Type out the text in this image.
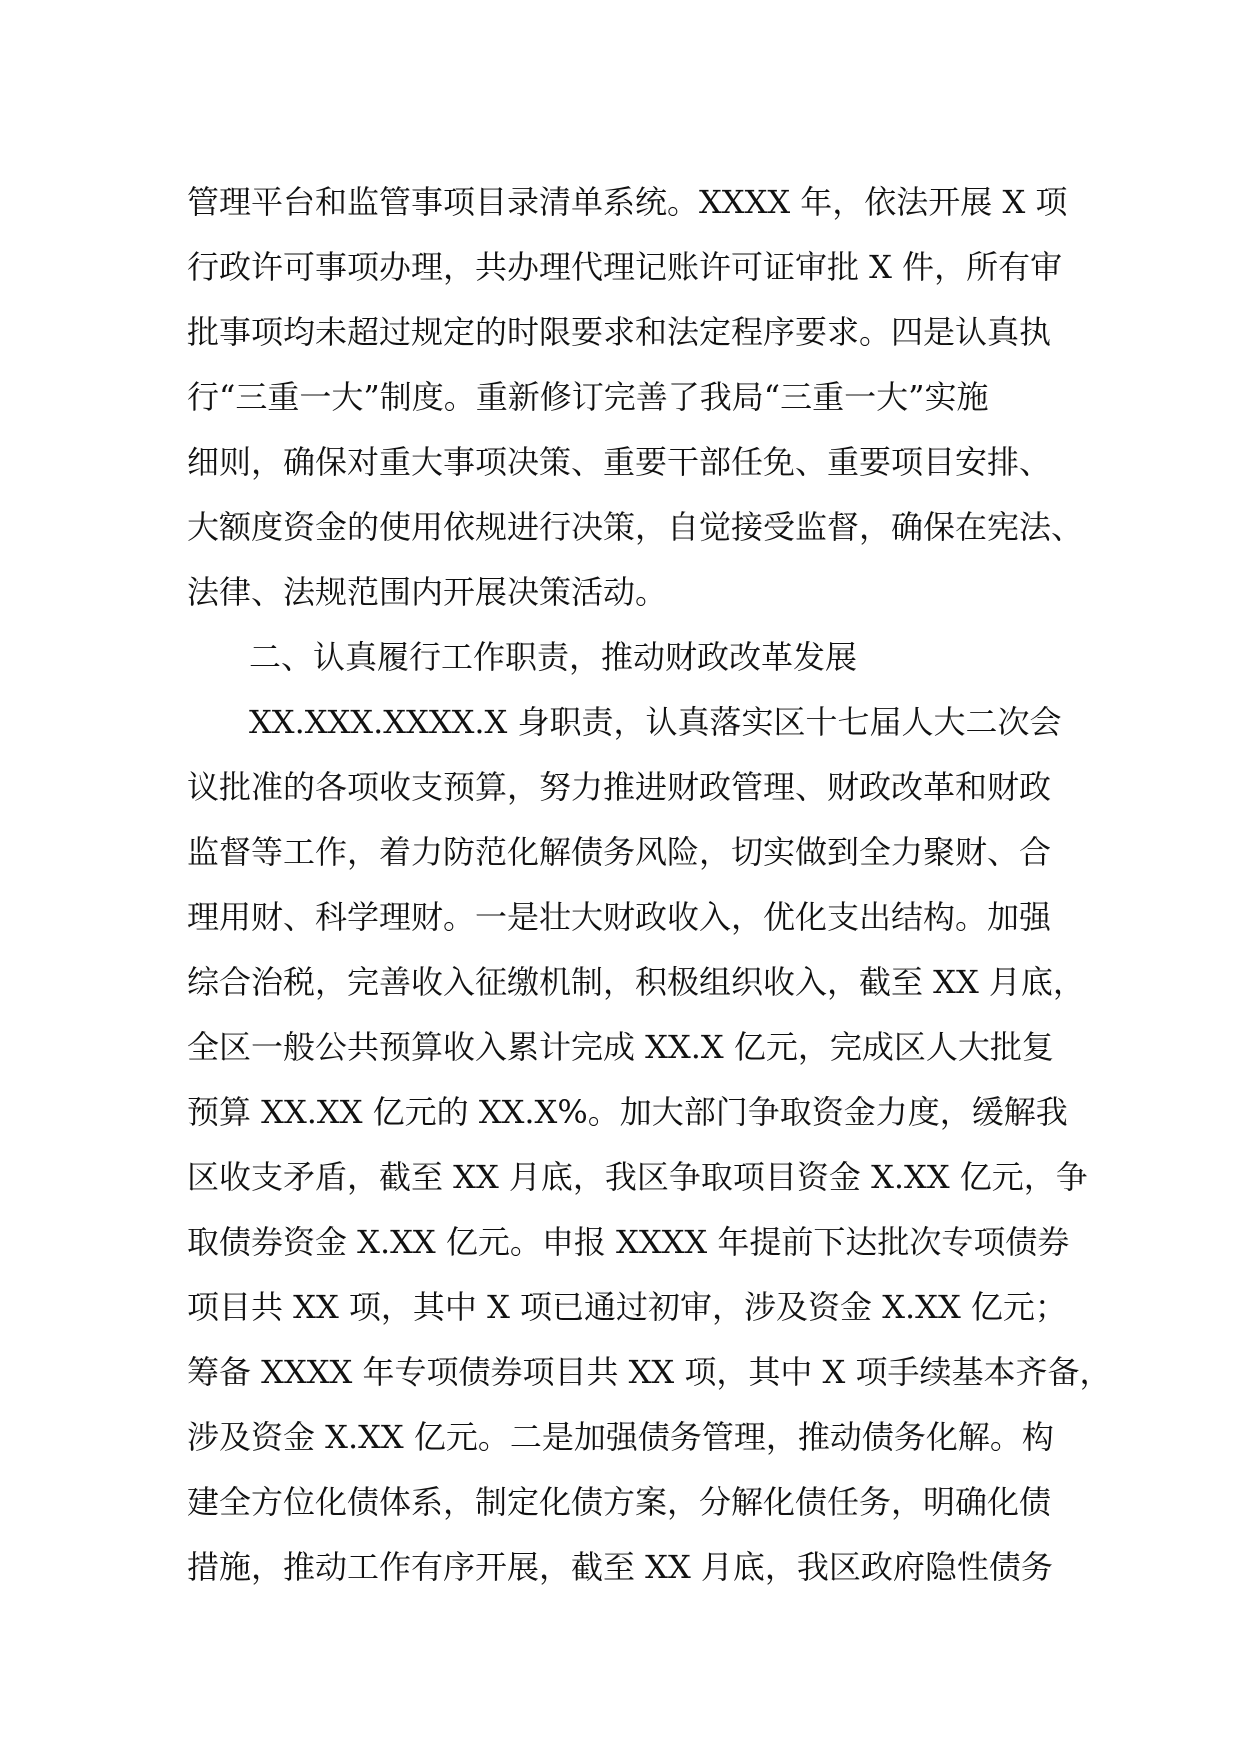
管理平台和监管事项目录清单系统。XXXX 年，依法开展 X 项
行政许可事项办理，共办理代理记账许可证审批 X 件，所有审
批事项均未超过规定的时限要求和法定程序要求。四是认真执
行“三重一大”制度。重新修订完善了我局“三重一大”实施
细则，确保对重大事项决策、重要干部任免、重要项目安排、
大额度资金的使用依规进行决策，自觉接受监督，确保在宪法、
法律、法规范围内开展决策活动。
二、认真履行工作职责，推动财政改革发展
XX.XXX.XXXX.X 身职责，认真落实区十七届人大二次会
议批准的各项收支预算，努力推进财政管理、财政改革和财政
监督等工作，着力防范化解债务风险，切实做到全力聚财、合
理用财、科学理财。一是壮大财政收入，优化支出结构。加强
综合治税，完善收入征缴机制，积极组织收入，截至 XX 月底，
全区一般公共预算收入累计完成 XX.X 亿元，完成区人大批复
预算 XX.XX 亿元的 XX.X%。加大部门争取资金力度，缓解我
区收支矛盾，截至 XX 月底，我区争取项目资金 X.XX 亿元，争
取债券资金 X.XX 亿元。申报 XXXX 年提前下达批次专项债券
项目共 XX 项，其中 X 项已通过初审，涉及资金 X.XX 亿元；
筹备 XXXX 年专项债券项目共 XX 项，其中 X 项手续基本齐备，
涉及资金 X.XX 亿元。二是加强债务管理，推动债务化解。构
建全方位化债体系，制定化债方案，分解化债任务，明确化债
措施，推动工作有序开展，截至 XX 月底，我区政府隐性债务
